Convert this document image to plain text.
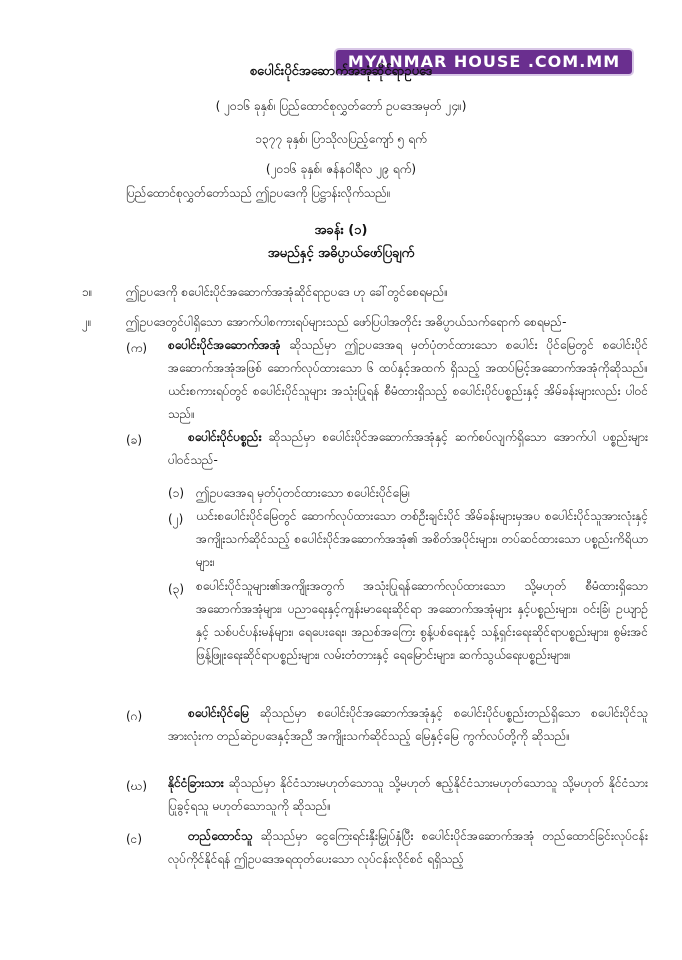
MYANMAR HOUSE .COM.MM
စပေါင်းပိုင်အဆောက်အအုံဆိုင်ရာဥပဒေ
( ၂၀၁၆ ခုနှစ်၊ ပြည်ထောင်စုလွှတ်တော် ဥပဒေအမှတ် ၂၄။)
၁၃၇၇ ခုနှစ်၊ ပြာသိုလပြည့်ကျော် ၅ ရက်
(၂၀၁၆ ခုနှစ်၊ ဇန်နဝါရီလ ၂၉ ရက်)
ပြည်ထောင်စုလွှတ်တော်သည် ဤဥပဒေကို ပြဋ္ဌာန်းလိုက်သည်။
အခန်း (၁)
အမည်နှင့် အဓိပ္ပာယ်ဖော်ပြချက်
၁။	ဤဥပဒေကို စပေါင်းပိုင်အဆောက်အအုံဆိုင်ရာဥပဒေ ဟု ခေါ်တွင်စေရမည်။
၂။	ဤဥပဒေတွင်ပါရှိသော အောက်ပါစကားရပ်များသည် ဖော်ပြပါအတိုင်း အဓိပ္ပာယ်သက်ရောက် စေရမည်-
(က) စပေါင်းပိုင်အဆောက်အအုံ ဆိုသည်မှာ ဤဥပဒေအရ မှတ်ပုံတင်ထားသော စပေါင်း ပိုင်မြေတွင် စပေါင်းပိုင်အဆောက်အအုံအဖြစ် ဆောက်လုပ်ထားသော ၆ ထပ်နှင့်အထက် ရှိသည့် အထပ်မြင့်အဆောက်အအုံကိုဆိုသည်။ ယင်းစကားရပ်တွင် စပေါင်းပိုင်သူများ အသုံးပြုရန် စီမံထားရှိသည့် စပေါင်းပိုင်ပစ္စည်းနှင့် အိမ်ခန်းများလည်း ပါဝင်သည်။
(ခ)	စပေါင်းပိုင်ပစ္စည်း ဆိုသည်မှာ စပေါင်းပိုင်အဆောက်အအုံနှင့် ဆက်စပ်လျက်ရှိသော အောက်ပါ ပစ္စည်းများ ပါဝင်သည်-
(၁) ဤဥပဒေအရ မှတ်ပုံတင်ထားသော စပေါင်းပိုင်မြေ၊
(၂) ယင်းစပေါင်းပိုင်မြေတွင် ဆောက်လုပ်ထားသော တစ်ဦးချင်းပိုင် အိမ်ခန်းများမှအပ စပေါင်းပိုင်သူအားလုံးနှင့် အကျိုးသက်ဆိုင်သည့် စပေါင်းပိုင်အဆောက်အအုံ၏ အစိတ်အပိုင်းများ၊ တပ်ဆင်ထားသော ပစ္စည်းကိရိယာများ၊
(၃) စပေါင်းပိုင်သူများ၏အကျိုးအတွက် အသုံးပြုရန်ဆောက်လုပ်ထားသော သို့မဟုတ် စီမံထားရှိသော အဆောက်အအုံများ၊ ပညာရေးနှင့်ကျန်းမာရေးဆိုင်ရာ အဆောက်အအုံများ နှင့်ပစ္စည်းများ၊ ဝင်းခြံ၊ ဥယျာဉ်နှင့် သစ်ပင်ပန်းမန်များ၊ ရေပေးရေး၊ အညစ်အကြေး စွန့်ပစ်ရေးနှင့် သန့်ရှင်းရေးဆိုင်ရာပစ္စည်းများ၊ စွမ်းအင်ဖြန့်ဖြူးရေးဆိုင်ရာပစ္စည်းများ၊ လမ်းတံတားနှင့် ရေမြောင်းများ၊ ဆက်သွယ်ရေးပစ္စည်းများ။
(ဂ)	စပေါင်းပိုင်မြေ ဆိုသည်မှာ စပေါင်းပိုင်အဆောက်အအုံနှင့် စပေါင်းပိုင်ပစ္စည်းတည်ရှိသော စပေါင်းပိုင်သူအားလုံးက တည်ဆဲဥပဒေနှင့်အညီ အကျိုးသက်ဆိုင်သည့် မြေနှင့်မြေ ကွက်လပ်တို့ကို ဆိုသည်။
(ဃ) နိုင်ငံခြားသား ဆိုသည်မှာ နိုင်ငံသားမဟုတ်သောသူ သို့မဟုတ် ဧည့်နိုင်ငံသားမဟုတ်သောသူ သို့မဟုတ် နိုင်ငံသားပြုခွင့်ရသူ မဟုတ်သောသူကို ဆိုသည်။
(င)	တည်ထောင်သူ ဆိုသည်မှာ ငွေကြေးရင်းနှီးမြှုပ်နှံပြီး စပေါင်းပိုင်အဆောက်အအုံ တည်ထောင်ခြင်းလုပ်ငန်း လုပ်ကိုင်နိုင်ရန် ဤဥပဒေအရထုတ်ပေးသော လုပ်ငန်းလိုင်စင် ရရှိသည့်
